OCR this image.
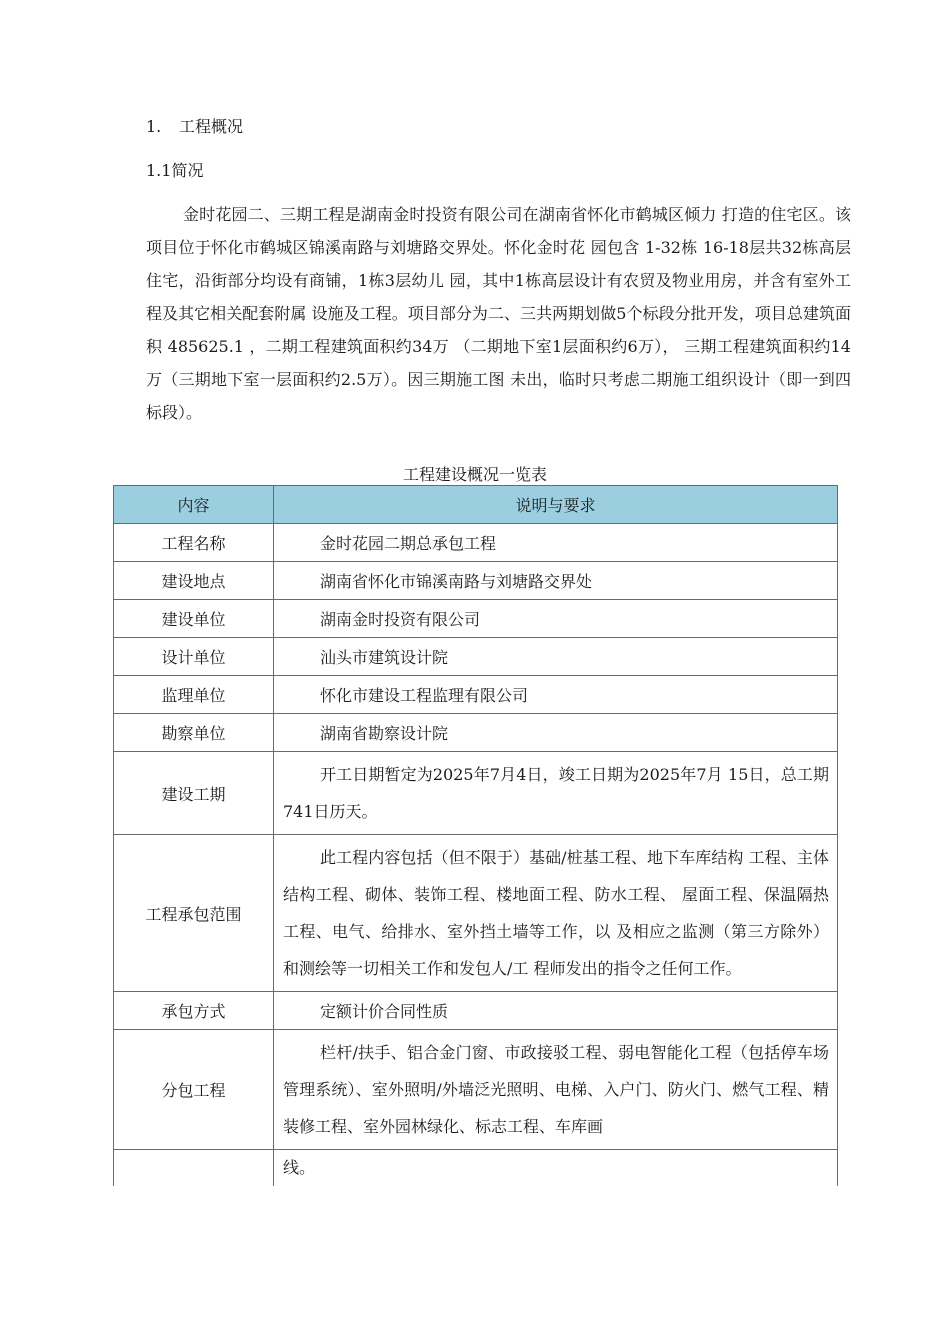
1. 工程概况
1.1简况

金时花园二、三期工程是湖南金时投资有限公司在湖南省怀化市鹤城区倾力 打造的住宅区。该项目位于怀化市鹤城区锦溪南路与刘塘路交界处。怀化金时花 园包含 1-32栋 16-18层共32栋高层住宅，沿街部分均设有商铺，1栋3层幼儿 园，其中1栋高层设计有农贸及物业用房，并含有室外工程及其它相关配套附属 设施及工程。项目部分为二、三共两期划做5个标段分批开发，项目总建筑面积 485625.1 ，二期工程建筑面积约34万 （二期地下室1层面积约6万）， 三期工程建筑面积约14万（三期地下室一层面积约2.5万）。因三期施工图 未出，临时只考虑二期施工组织设计（即一到四标段）。

工程建设概况一览表
内容	说明与要求
工程名称	金时花园二期总承包工程
建设地点	湖南省怀化市锦溪南路与刘塘路交界处
建设单位	湖南金时投资有限公司
设计单位	汕头市建筑设计院
监理单位	怀化市建设工程监理有限公司
勘察单位	湖南省勘察设计院
建设工期	开工日期暂定为2025年7月4日，竣工日期为2025年7月 15日，总工期741日历天。
工程承包范围	此工程内容包括（但不限于）基础/桩基工程、地下车库结构 工程、主体结构工程、砌体、装饰工程、楼地面工程、防水工程、 屋面工程、保温隔热工程、电气、给排水、室外挡土墙等工作，以 及相应之监测（第三方除外）和测绘等一切相关工作和发包人/工 程师发出的指令之任何工作。
承包方式	定额计价合同性质
分包工程	栏杆/扶手、铝合金门窗、市政接驳工程、弱电智能化工程（包括停车场管理系统）、室外照明/外墙泛光照明、电梯、入户门、防火门、燃气工程、精装修工程、室外园林绿化、标志工程、车库画
	线。
